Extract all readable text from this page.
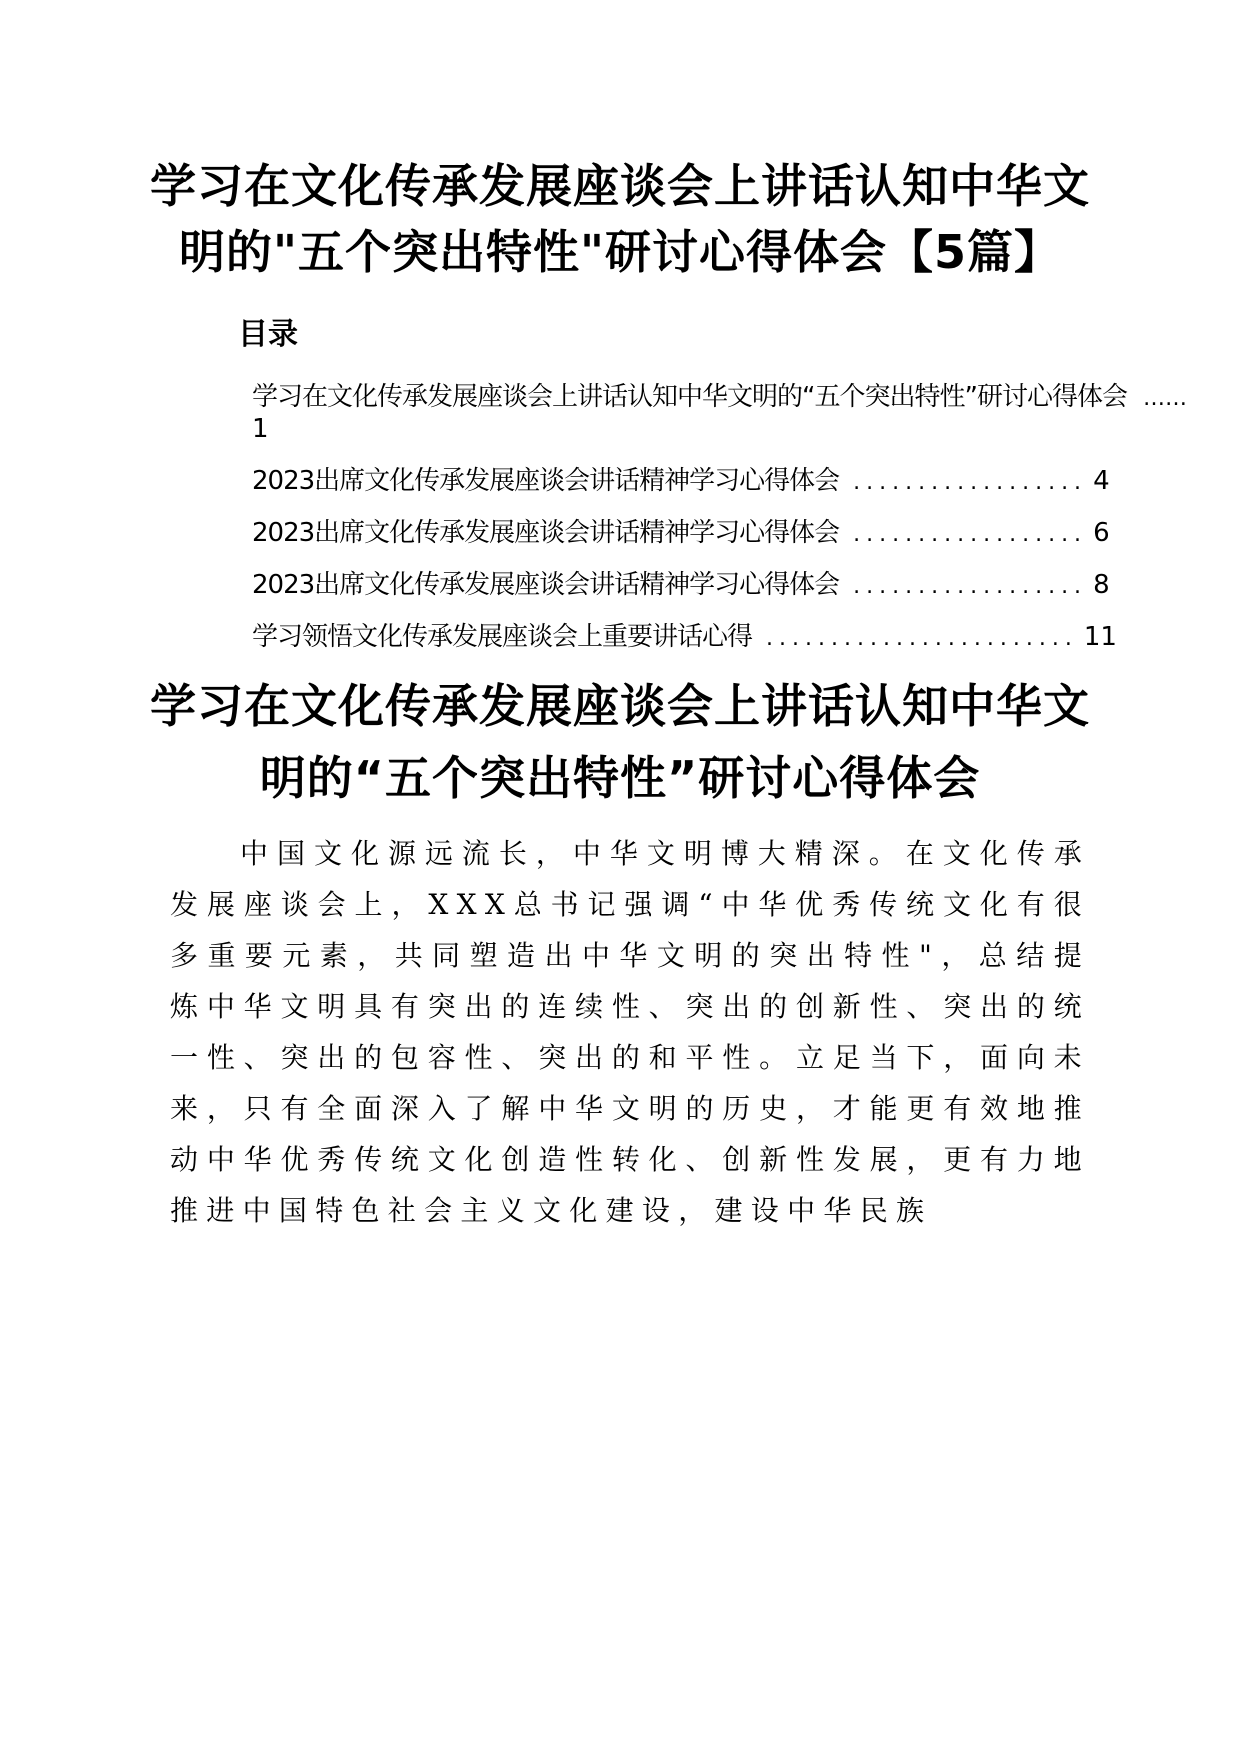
学习在文化传承发展座谈会上讲话认知中华文
明的"五个突出特性"研讨心得体会【5篇】
目录
学习在文化传承发展座谈会上讲话认知中华文明的“五个突出特性”研讨心得体会 ……
1
2023出席文化传承发展座谈会讲话精神学习心得体会 .................. 4
2023出席文化传承发展座谈会讲话精神学习心得体会 .................. 6
2023出席文化传承发展座谈会讲话精神学习心得体会 .................. 8
学习领悟文化传承发展座谈会上重要讲话心得 ........................ 11
学习在文化传承发展座谈会上讲话认知中华文
明的“五个突出特性”研讨心得体会

中国文化源远流长，中华文明博大精深。在文化传承发展座谈会上，XXX总书记强调“中华优秀传统文化有很多重要元素，共同塑造出中华文明的突出特性"，总结提炼中华文明具有突出的连续性、突出的创新性、突出的统一性、突出的包容性、突出的和平性。立足当下，面向未来，只有全面深入了解中华文明的历史，才能更有效地推动中华优秀传统文化创造性转化、创新性发展，更有力地推进中国特色社会主义文化建设，建设中华民族
